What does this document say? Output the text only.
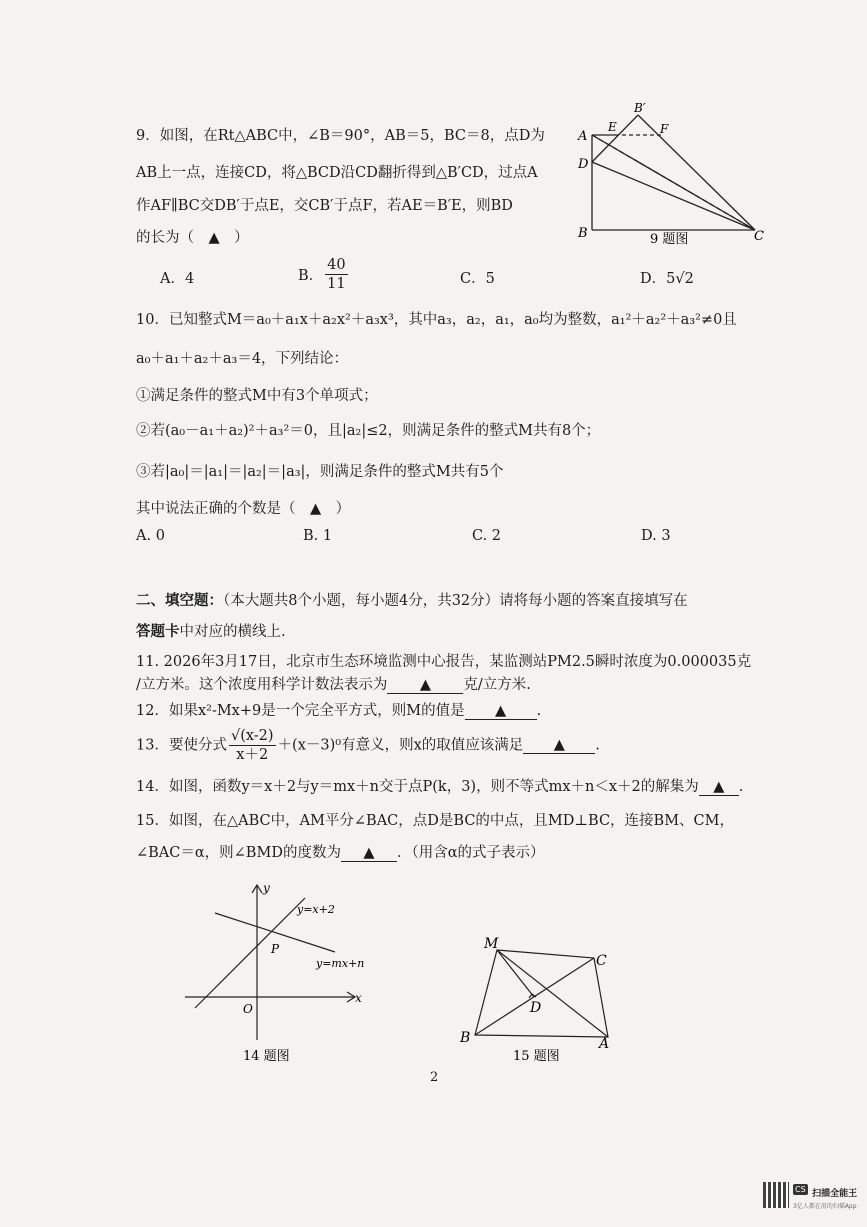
9．如图，在Rt△ABC中，∠B＝90°，AB＝5，BC＝8，点D为
AB上一点，连接CD，将△BCD沿CD翻折得到△B′CD，过点A
作AF∥BC交DB′于点E，交CB′于点F，若AE＝B′E，则BD
的长为（　▲　）
A．4	B． $\frac{40}{11}$	C．5	D．5√2
A
D
B	C
E	F
B′
9 题图
10．已知整式M＝a₀＋a₁x＋a₂x²＋a₃x³，其中a₃，a₂，a₁，a₀均为整数，a₁²＋a₂²＋a₃²≠0且
a₀＋a₁＋a₂＋a₃＝4，下列结论：
①满足条件的整式M中有3个单项式；
②若(a₀－a₁＋a₂)²＋a₃²＝0，且|a₂|≤2，则满足条件的整式M共有8个；
③若|a₀|＝|a₁|＝|a₂|＝|a₃|，则满足条件的整式M共有5个
其中说法正确的个数是（　▲　）
A. 0	B. 1	C. 2	D. 3
二、填空题：（本大题共8个小题，每小题4分，共32分）请将每小题的答案直接填写在
答题卡中对应的横线上.
11. 2026年3月17日，北京市生态环境监测中心报告，某监测站PM2.5瞬时浓度为0.000035克
/立方米。这个浓度用科学计数法表示为 ▲ 克/立方米.
12．如果x²-Mx+9是一个完全平方式，则M的值是 ▲ .
13．要使分式 $\frac{√(x-2)}{x+2} +(x-3)^0$有意义，则x的取值应该满足 ▲ .
14．如图，函数y＝x＋2与y＝mx＋n交于点P(k，3)，则不等式mx＋n＜x＋2的解集为 ▲ .
15．如图，在△ABC中，AM平分∠BAC，点D是BC的中点，且MD⊥BC，连接BM、CM，
∠BAC＝α，则∠BMD的度数为 ▲ ．（用含α的式子表示）
y
x
O
P
y=x+2
y=mx+n
14 题图
M
C
D
B	A
15 题图
2
CS 扫描全能王
3亿人都在用的扫描App
